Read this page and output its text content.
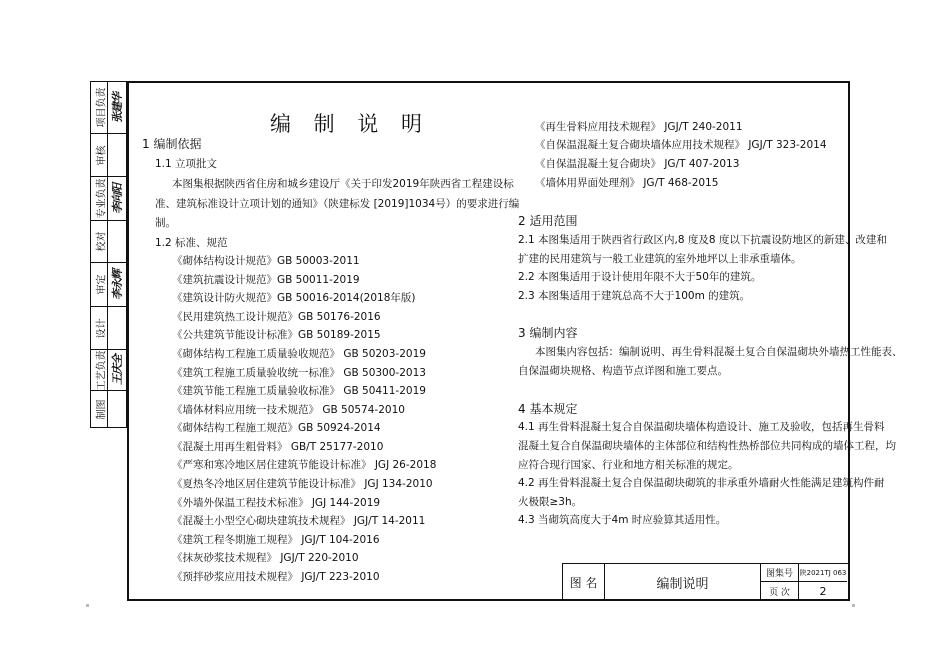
项目负责 张建华
审核
专业负责 李向阳
校对
审定 李永辉
设计
工艺负责 王庆全
制图
编 制 说 明
1 编制依据
1.1 立项批文
本图集根据陕西省住房和城乡建设厅《关于印发2019年陕西省工程建设标
准、建筑标准设计立项计划的通知》（陕建标发 [2019]1034号）的要求进行编
制。
1.2 标准、规范
《砌体结构设计规范》GB 50003-2011
《建筑抗震设计规范》GB 50011-2019
《建筑设计防火规范》GB 50016-2014(2018年版)
《民用建筑热工设计规范》GB 50176-2016
《公共建筑节能设计标准》GB 50189-2015
《砌体结构工程施工质量验收规范》 GB 50203-2019
《建筑工程施工质量验收统一标准》 GB 50300-2013
《建筑节能工程施工质量验收标准》 GB 50411-2019
《墙体材料应用统一技术规范》 GB 50574-2010
《砌体结构工程施工规范》GB 50924-2014
《混凝土用再生粗骨料》 GB/T 25177-2010
《严寒和寒冷地区居住建筑节能设计标准》 JGJ 26-2018
《夏热冬冷地区居住建筑节能设计标准》 JGJ 134-2010
《外墙外保温工程技术标准》 JGJ 144-2019
《混凝土小型空心砌块建筑技术规程》 JGJ/T 14-2011
《建筑工程冬期施工规程》 JGJ/T 104-2016
《抹灰砂浆技术规程》 JGJ/T 220-2010
《预拌砂浆应用技术规程》 JGJ/T 223-2010
《再生骨料应用技术规程》 JGJ/T 240-2011
《自保温混凝土复合砌块墙体应用技术规程》 JGJ/T 323-2014
《自保温混凝土复合砌块》 JG/T 407-2013
《墙体用界面处理剂》 JG/T 468-2015
2 适用范围
2.1 本图集适用于陕西省行政区内,8 度及8 度以下抗震设防地区的新建、改建和
扩建的民用建筑与一般工业建筑的室外地坪以上非承重墙体。
2.2 本图集适用于设计使用年限不大于50年的建筑。
2.3 本图集适用于建筑总高不大于100m 的建筑。
3 编制内容
本图集内容包括：编制说明、再生骨料混凝土复合自保温砌块外墙热工性能表、
自保温砌块规格、构造节点详图和施工要点。
4 基本规定
4.1 再生骨料混凝土复合自保温砌块墙体构造设计、施工及验收，包括再生骨料
混凝土复合自保温砌块墙体的主体部位和结构性热桥部位共同构成的墙体工程，均
应符合现行国家、行业和地方相关标准的规定。
4.2 再生骨料混凝土复合自保温砌块砌筑的非承重外墙耐火性能满足建筑构件耐
火极限≥3h。
4.3 当砌筑高度大于4m 时应验算其适用性。
图 名	编制说明
图集号 陕2021TJ 063
页 次	2
